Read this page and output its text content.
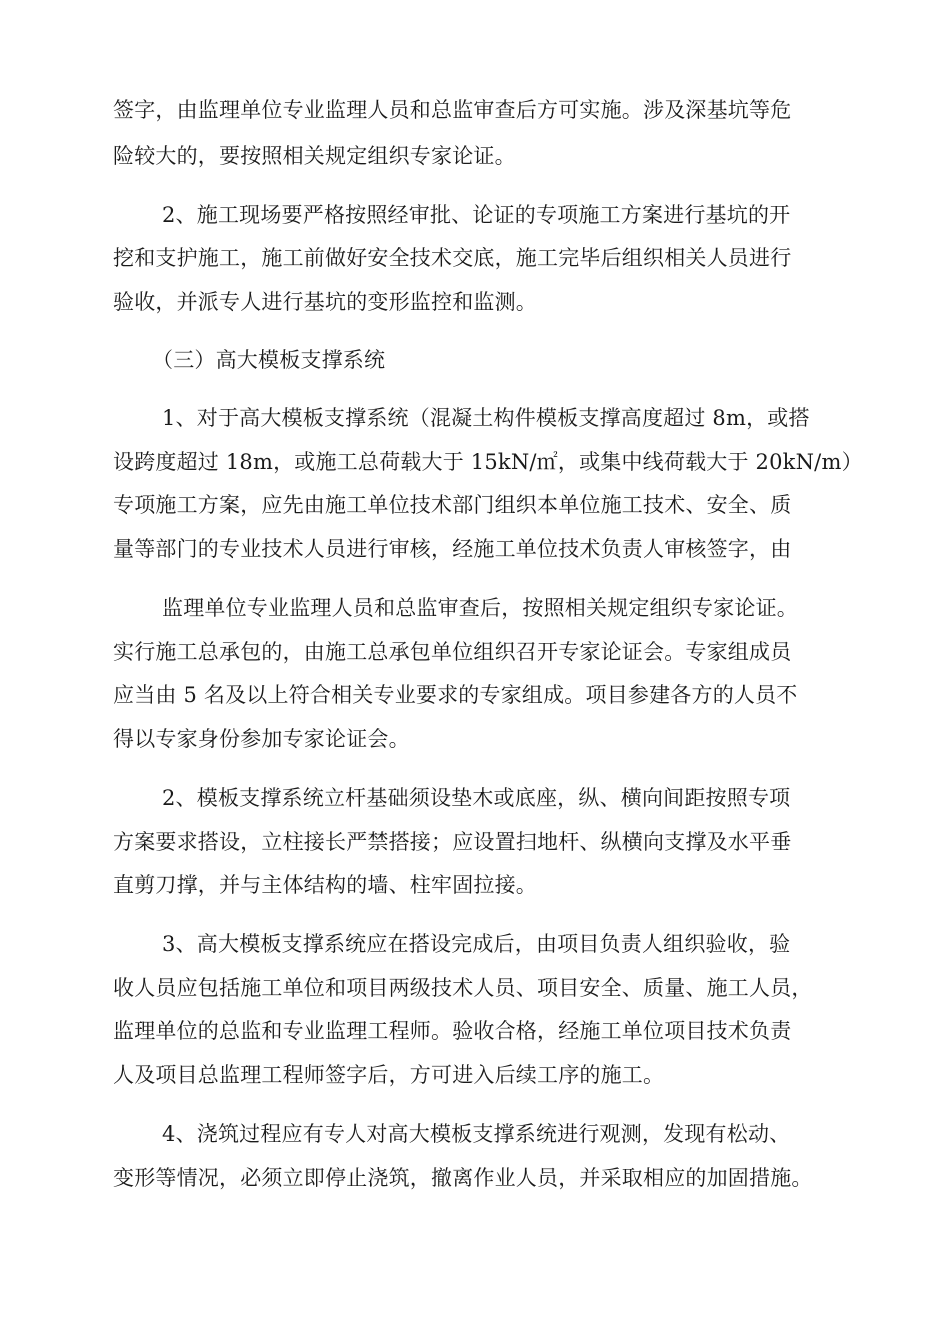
签字，由监理单位专业监理人员和总监审查后方可实施。涉及深基坑等危

险较大的，要按照相关规定组织专家论证。

2、施工现场要严格按照经审批、论证的专项施工方案进行基坑的开

挖和支护施工，施工前做好安全技术交底，施工完毕后组织相关人员进行

验收，并派专人进行基坑的变形监控和监测。

（三）高大模板支撑系统

1、对于高大模板支撑系统（混凝土构件模板支撑高度超过 8m，或搭

设跨度超过 18m，或施工总荷载大于 15kN/㎡，或集中线荷载大于 20kN/m）

专项施工方案，应先由施工单位技术部门组织本单位施工技术、安全、质

量等部门的专业技术人员进行审核，经施工单位技术负责人审核签字，由

监理单位专业监理人员和总监审查后，按照相关规定组织专家论证。

实行施工总承包的，由施工总承包单位组织召开专家论证会。专家组成员

应当由 5 名及以上符合相关专业要求的专家组成。项目参建各方的人员不

得以专家身份参加专家论证会。

2、模板支撑系统立杆基础须设垫木或底座，纵、横向间距按照专项

方案要求搭设，立柱接长严禁搭接；应设置扫地杆、纵横向支撑及水平垂

直剪刀撑，并与主体结构的墙、柱牢固拉接。

3、高大模板支撑系统应在搭设完成后，由项目负责人组织验收，验

收人员应包括施工单位和项目两级技术人员、项目安全、质量、施工人员，

监理单位的总监和专业监理工程师。验收合格，经施工单位项目技术负责

人及项目总监理工程师签字后，方可进入后续工序的施工。

4、浇筑过程应有专人对高大模板支撑系统进行观测，发现有松动、

变形等情况，必须立即停止浇筑，撤离作业人员，并采取相应的加固措施。
